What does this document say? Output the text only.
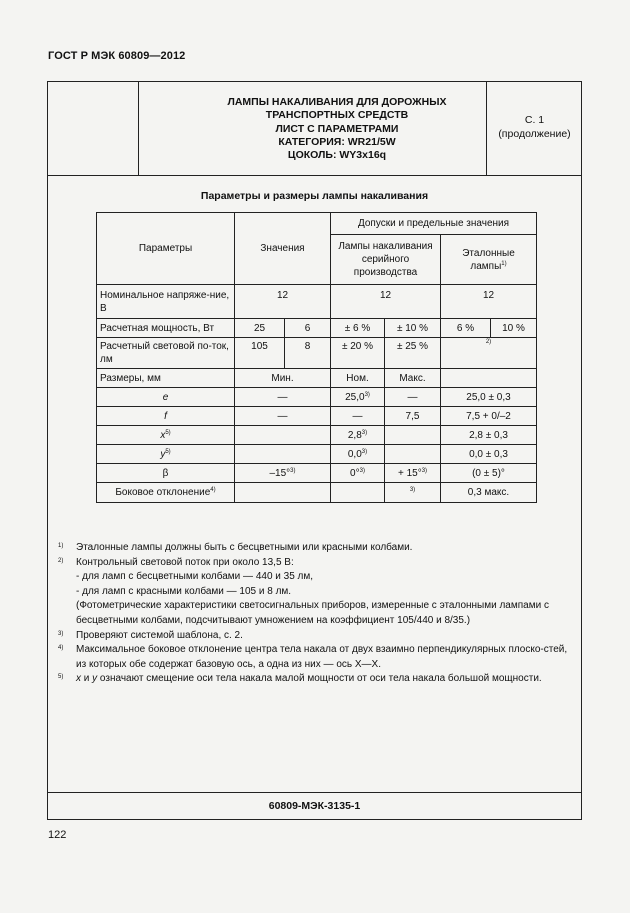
ГОСТ Р МЭК 60809—2012
ЛАМПЫ НАКАЛИВАНИЯ ДЛЯ ДОРОЖНЫХ
ТРАНСПОРТНЫХ СРЕДСТВ
ЛИСТ С ПАРАМЕТРАМИ
КАТЕГОРИЯ: WR21/5W
ЦОКОЛЬ: WY3x16q
С. 1
(продолжение)
Параметры и размеры лампы накаливания
Параметры	Значения		Допуски и предельные значения			
			Лампы накаливания серийного производства		Эталонные лампы$^{1)}$
Номинальное напряже-ние, В	12		12		12	
Расчетная мощность, Вт	25	6	± 6 %	± 10 %	6 %	10 %
Расчетный световой по-ток, лм	105	8	± 20 %	± 25 %	$^{2)}$
Размеры, мм	Мин.		Ном.	Макс.		
e	—		25,0$^{3)}$	—	25,0 ± 0,3	
f	—		—	7,5	7,5 + 0/–2	
$x^{5)}$			2,8$^{3)}$		2,8 ± 0,3	
$y^{5)}$			0,0$^{3)}$		0,0 ± 0,3	
β	–15°$^{3)}$		0°$^{3)}$	+ 15°$^{3)}$	(0 ± 5)°	
Боковое отклонение$^{4)}$				$^{3)}$	0,3 макс.	
60809-МЭК-3135-1
1) Эталонные лампы должны быть с бесцветными или красными колбами.
2) Контрольный световой поток при около 13,5 В:
- для ламп с бесцветными колбами — 440 и 35 лм,
- для ламп с красными колбами — 105 и 8 лм.
(Фотометрические характеристики светосигнальных приборов, измеренные с эталонными лампами с бесцветными колбами, подсчитывают умножением на коэффициент 105/440 и 8/35.)
3) Проверяют системой шаблона, с. 2.
4) Максимальное боковое отклонение центра тела накала от двух взаимно перпендикулярных плоско-стей, из которых обе содержат базовую ось, а одна из них — ось X—X.
5) x и y означают смещение оси тела накала малой мощности от оси тела накала большой мощности.
122
